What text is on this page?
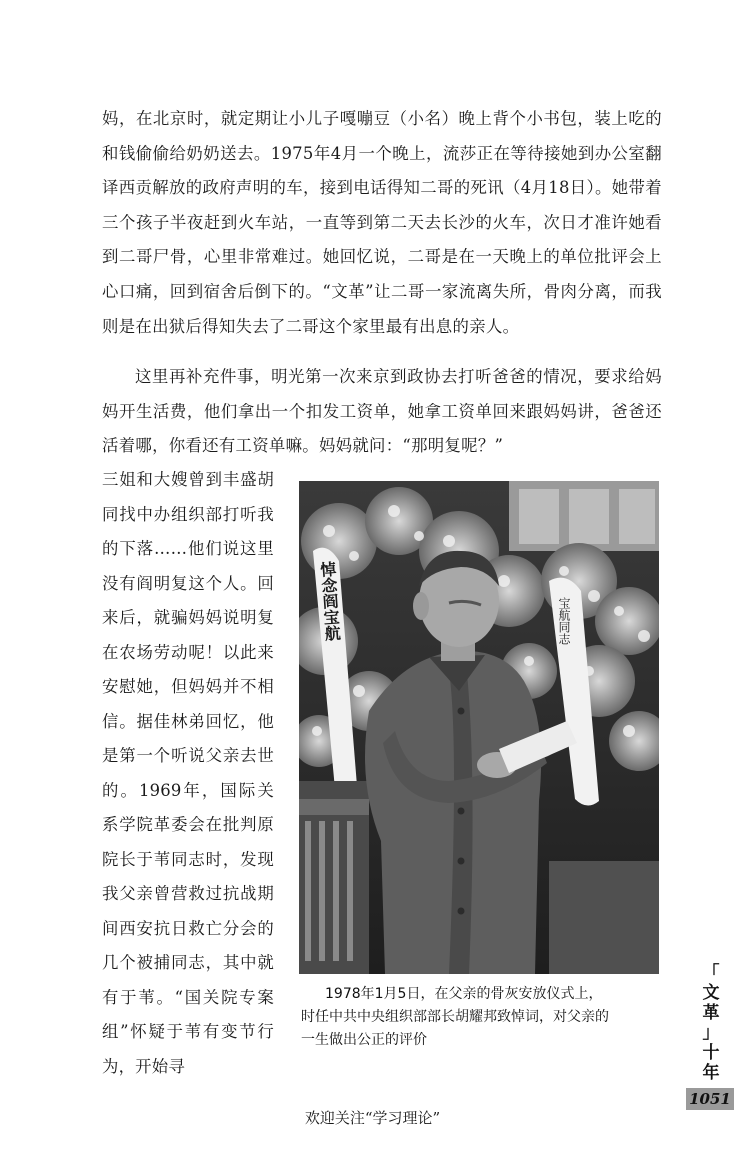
妈，在北京时，就定期让小儿子嘎嘣豆（小名）晚上背个小书包，装上吃的和钱偷偷给奶奶送去。1975年4月一个晚上，流莎正在等待接她到办公室翻译西贡解放的政府声明的车，接到电话得知二哥的死讯（4月18日）。她带着三个孩子半夜赶到火车站，一直等到第二天去长沙的火车，次日才准许她看到二哥尸骨，心里非常难过。她回忆说，二哥是在一天晚上的单位批评会上心口痛，回到宿舍后倒下的。“文革”让二哥一家流离失所，骨肉分离，而我则是在出狱后得知失去了二哥这个家里最有出息的亲人。

这里再补充件事，明光第一次来京到政协去打听爸爸的情况，要求给妈妈开生活费，他们拿出一个扣发工资单，她拿工资单回来跟妈妈讲，爸爸还活着哪，你看还有工资单嘛。妈妈就问：“那明复呢？”

三姐和大嫂曾到丰盛胡同找中办组织部打听我的下落……他们说这里没有阎明复这个人。回来后，就骗妈妈说明复在农场劳动呢！以此来安慰她，但妈妈并不相信。据佳林弟回忆，他是第一个听说父亲去世的。1969年，国际关系学院革委会在批判原院长于苇同志时，发现我父亲曾营救过抗战期间西安抗日救亡分会的几个被捕同志，其中就有于苇。“国关院专案组”怀疑于苇有变节行为，开始寻

悼念阎宝航	宝航同志
1978年1月5日，在父亲的骨灰安放仪式上，
时任中共中央组织部部长胡耀邦致悼词，对父亲的
一生做出公正的评价
「
文
革
」
十
年
1051
欢迎关注“学习理论”
